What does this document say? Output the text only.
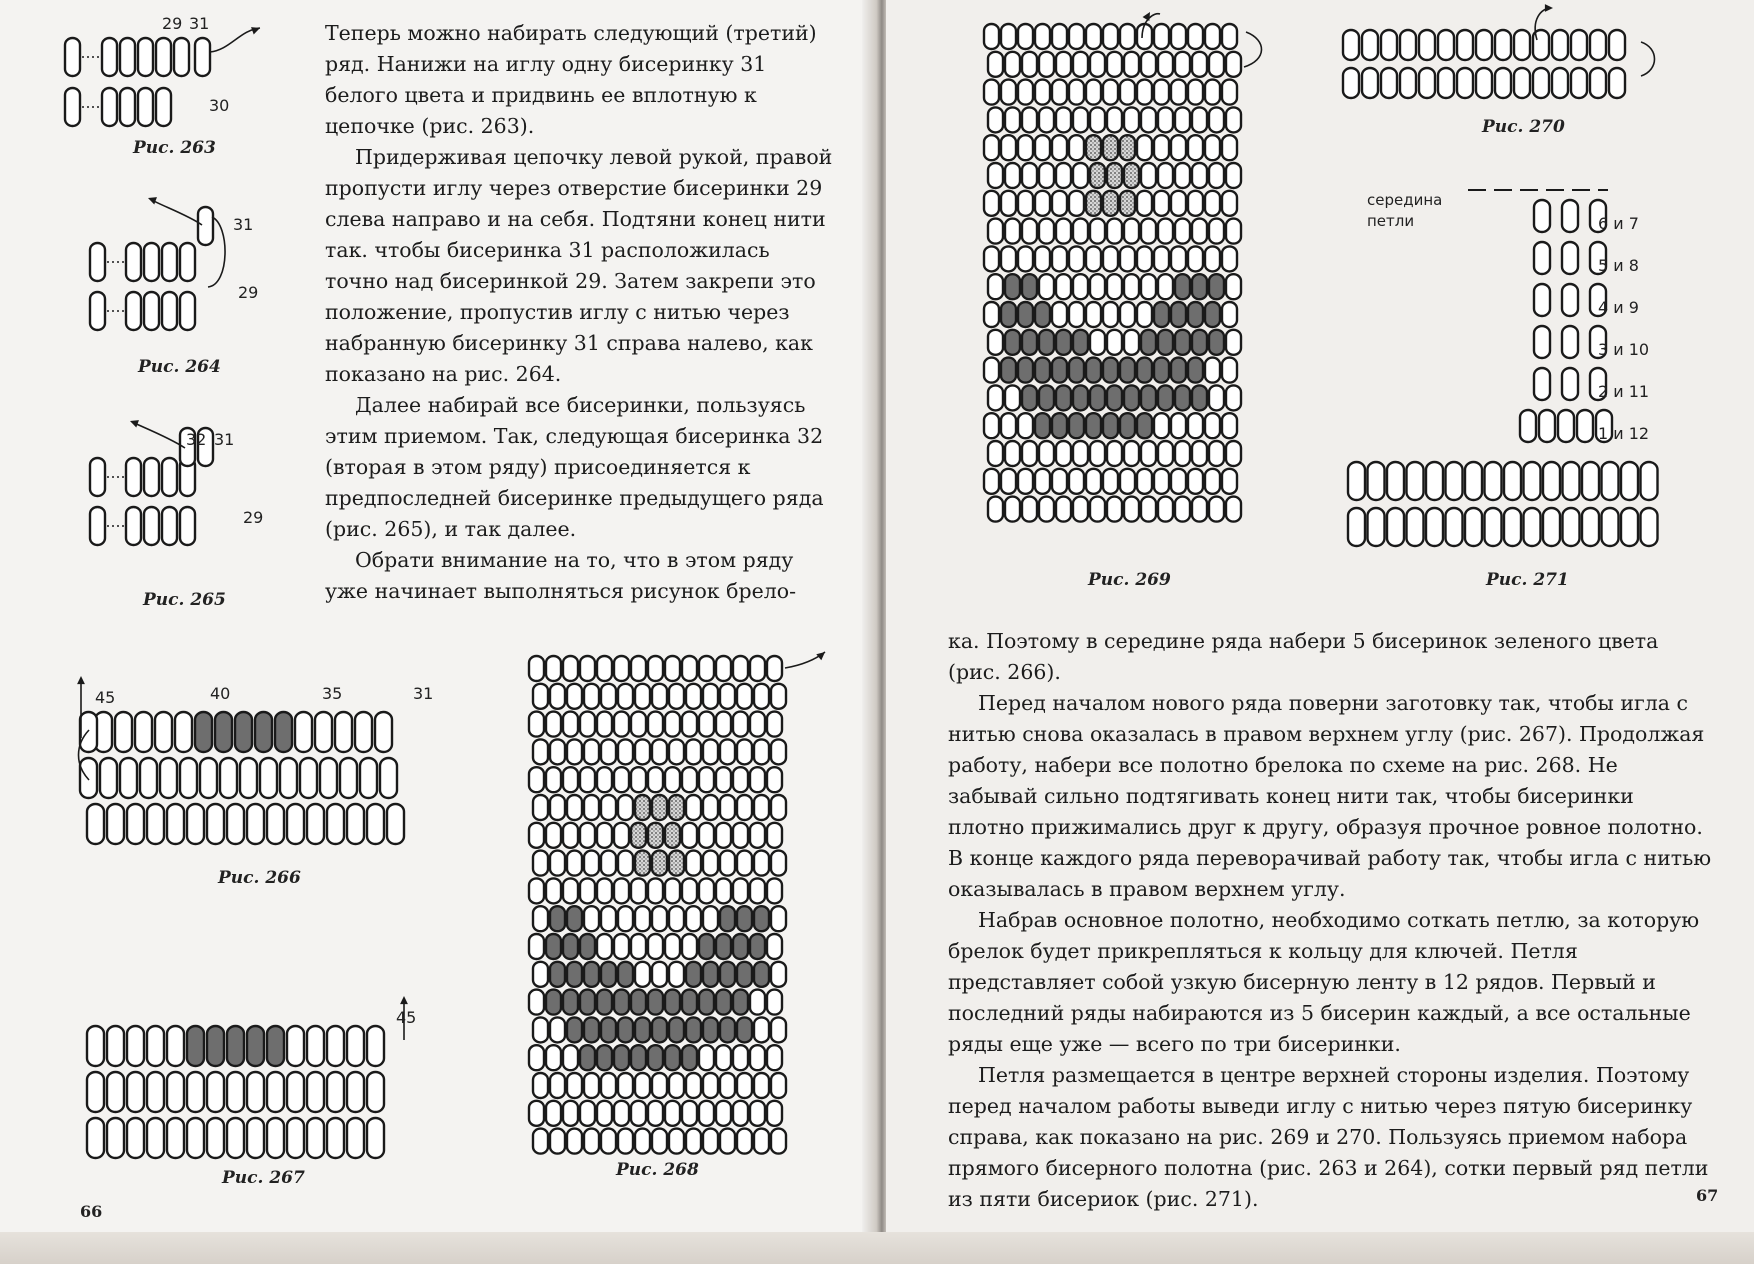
29 31
30
Рис. 263
31
29
Рис. 264
32 31
29
Рис. 265

Теперь можно набирать следующий (третий) ряд. Нанижи на иглу одну бисеринку 31 белого цвета и придвинь ее вплотную к цепочке (рис. 263).

Придерживая цепочку левой рукой, правой пропусти иглу через отверстие бисеринки 29 слева направо и на себя. Подтяни конец нити так. чтобы бисеринка 31 расположилась точно над бисеринкой 29. Затем закрепи это положение, пропустив иглу с нитью через набранную бисеринку 31 справа налево, как показано на рис. 264.

Далее набирай все бисеринки, пользуясь этим приемом. Так, следующая бисеринка 32 (вторая в этом ряду) присоединяется к предпоследней бисеринке предыдущего ряда (рис. 265), и так далее.

Обрати внимание на то, что в этом ряду уже начинает выполняться рисунок брело-

45	40	35	31
Рис. 266
45
Рис. 267	Рис. 268
66
Рис. 269
Рис. 270
середина петли	6 и 7
5 и 8
4 и 9
3 и 10
2 и 11
1 и 12
Рис. 271

ка. Поэтому в середине ряда набери 5 бисеринок зеленого цвета (рис. 266).

Перед началом нового ряда поверни заготовку так, чтобы игла с нитью снова оказалась в правом верхнем углу (рис. 267). Продолжая работу, набери все полотно брелока по схеме на рис. 268. Не забывай сильно подтягивать конец нити так, чтобы бисеринки плотно прижимались друг к другу, образуя прочное ровное полотно. В конце каждого ряда переворачивай работу так, чтобы игла с нитью оказывалась в правом верхнем углу.

Набрав основное полотно, необходимо соткать петлю, за которую брелок будет прикрепляться к кольцу для ключей. Петля представляет собой узкую бисерную ленту в 12 рядов. Первый и последний ряды набираются из 5 бисерин каждый, а все остальные ряды еще уже — всего по три бисеринки.

Петля размещается в центре верхней стороны изделия. Поэтому перед началом работы выведи иглу с нитью через пятую бисеринку справа, как показано на рис. 269 и 270. Пользуясь приемом набора прямого бисерного полотна (рис. 263 и 264), сотки первый ряд петли из пяти бисериок (рис. 271).	67
